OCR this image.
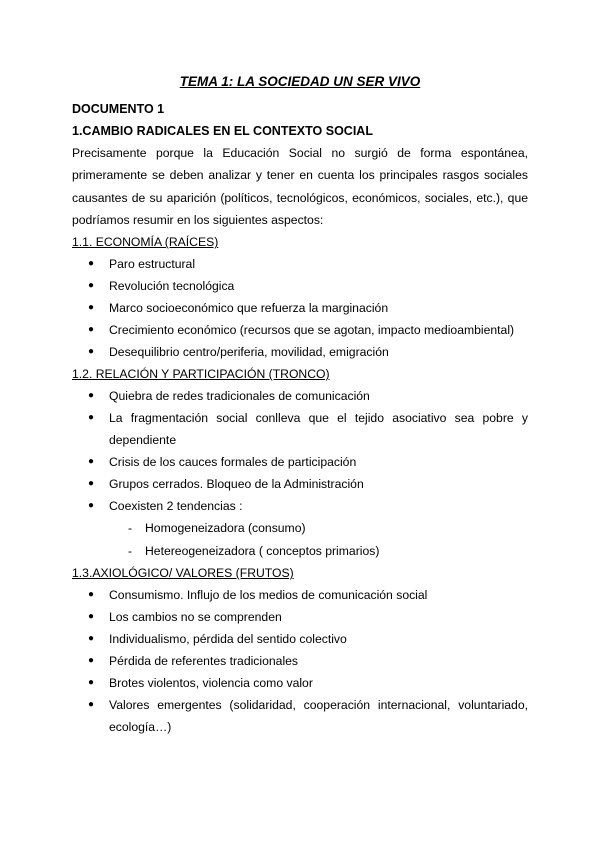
TEMA 1: LA SOCIEDAD UN SER VIVO

DOCUMENTO 1

1.CAMBIO RADICALES EN EL CONTEXTO SOCIAL

Precisamente porque la Educación Social no surgió de forma espontánea, primeramente se deben analizar y tener en cuenta los principales rasgos sociales causantes de su aparición (políticos, tecnológicos, económicos, sociales, etc.), que podríamos resumir en los siguientes aspectos:

1.1. ECONOMÍA (RAÍCES)

● Paro estructural
● Revolución tecnológica
● Marco socioeconómico que refuerza la marginación
● Crecimiento económico (recursos que se agotan, impacto medioambiental)
● Desequilibrio centro/periferia, movilidad, emigración

1.2. RELACIÓN Y PARTICIPACIÓN (TRONCO)

● Quiebra de redes tradicionales de comunicación
● La fragmentación social conlleva que el tejido asociativo sea pobre y dependiente
● Crisis de los cauces formales de participación
● Grupos cerrados. Bloqueo de la Administración
● Coexisten 2 tendencias :
- Homogeneizadora (consumo)
- Hetereogeneizadora ( conceptos primarios)

1.3.AXIOLÓGICO/ VALORES (FRUTOS)

● Consumismo. Influjo de los medios de comunicación social
● Los cambios no se comprenden
● Individualismo, pérdida del sentido colectivo
● Pérdida de referentes tradicionales
● Brotes violentos, violencia como valor
● Valores emergentes (solidaridad, cooperación internacional, voluntariado, ecología…)
